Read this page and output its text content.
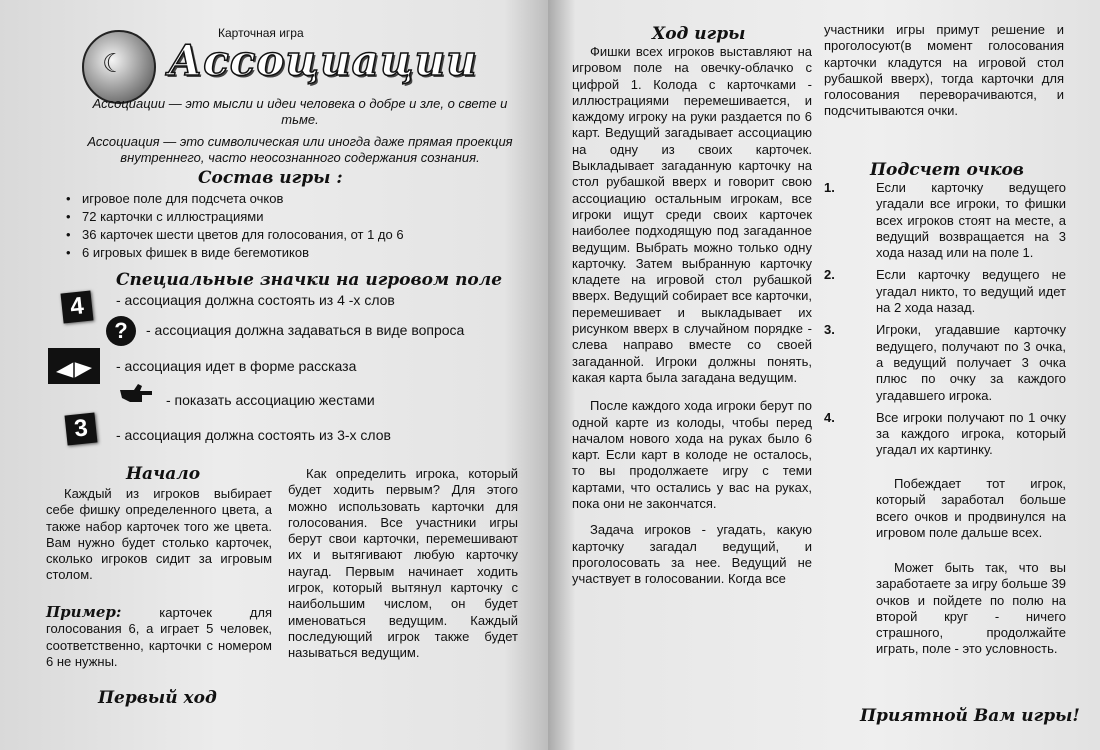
☾
Карточная игра
Ассоциации

Ассоциации — это мысли и идеи человека о добре и зле, о свете и тьме.

Ассоциация — это символическая или иногда даже прямая проекция внутреннего, часто неосознанного содержания сознания.

Состав игры :
• игровое поле для подсчета очков
• 72 карточки с иллюстрациями
• 36 карточек шести цветов для голосования, от 1 до 6
• 6 игровых фишек в виде бегемотиков
Специальные значки на игровом поле
4	- ассоциация должна состоять из 4 -х слов
?	- ассоциация должна задаваться в виде вопроса
- ассоциация идет в форме рассказа
- показать ассоциацию жестами
3	- ассоциация должна состоять из 3-х слов
Начало

Каждый из игроков выбирает себе фишку определенного цвета, а также набор карточек того же цвета. Вам нужно будет столько карточек, сколько игроков сидит за игровым столом.

Пример:	карточек для голосования 6, а играет 5 человек, соответственно, карточки с номером 6 не нужны.

Первый ход

Как определить игрока, который будет ходить первым? Для этого можно использовать карточки для голосования. Все участники игры берут свои карточки, перемешивают их и вытягивают любую карточку наугад. Первым начинает ходить игрок, который вытянул карточку с наибольшим числом, он будет именоваться ведущим. Каждый последующий игрок также будет называться ведущим.

Ход игры

Фишки всех игроков выставляют на игровом поле на овечку-облачко с цифрой 1. Колода с карточками - иллюстрациями перемешивается, и каждому игроку на руки раздается по 6 карт. Ведущий загадывает ассоциацию на одну из своих карточек. Выкладывает загаданную карточку на стол рубашкой вверх и говорит свою ассоциацию остальным игрокам, все игроки ищут среди своих карточек наиболее подходящую под загаданное ведущим. Выбрать можно только одну карточку. Затем выбранную карточку кладете на игровой стол рубашкой вверх. Ведущий собирает все карточки, перемешивает и выкладывает их рисунком вверх в случайном порядке - слева направо вместе со своей загаданной. Игроки должны понять, какая карта была загадана ведущим.

После каждого хода игроки берут по одной карте из колоды, чтобы перед началом нового хода на руках было 6 карт. Если карт в колоде не осталось, то вы продолжаете игру с теми картами, что остались у вас на руках, пока они не закончатся.

Задача игроков - угадать, какую карточку загадал ведущий, и проголосовать за нее. Ведущий не участвует в голосовании. Когда все

участники игры примут решение и проголосуют(в момент голосования карточки кладутся на игровой стол рубашкой вверх), тогда карточки для голосования переворачиваются, и подсчитываются очки.

Подсчет очков
1.	Если карточку ведущего угадали все игроки, то фишки всех игроков стоят на месте, а ведущий возвращается на 3 хода назад или на поле 1.
2.	Если карточку ведущего не угадал никто, то ведущий идет на 2 хода назад.
3.	Игроки, угадавшие карточку ведущего, получают по 3 очка, а ведущий получает 3 очка плюс по очку за каждого угадавшего игрока.
4.	Все игроки получают по 1 очку за каждого игрока, который угадал их картинку.

Побеждает тот игрок, который заработал больше всего очков и продвинулся на игровом поле дальше всех.

Может быть так, что вы заработаете за игру больше 39 очков и пойдете по полю на второй круг - ничего страшного, продолжайте играть, поле - это условность.

Приятной Вам игры!
